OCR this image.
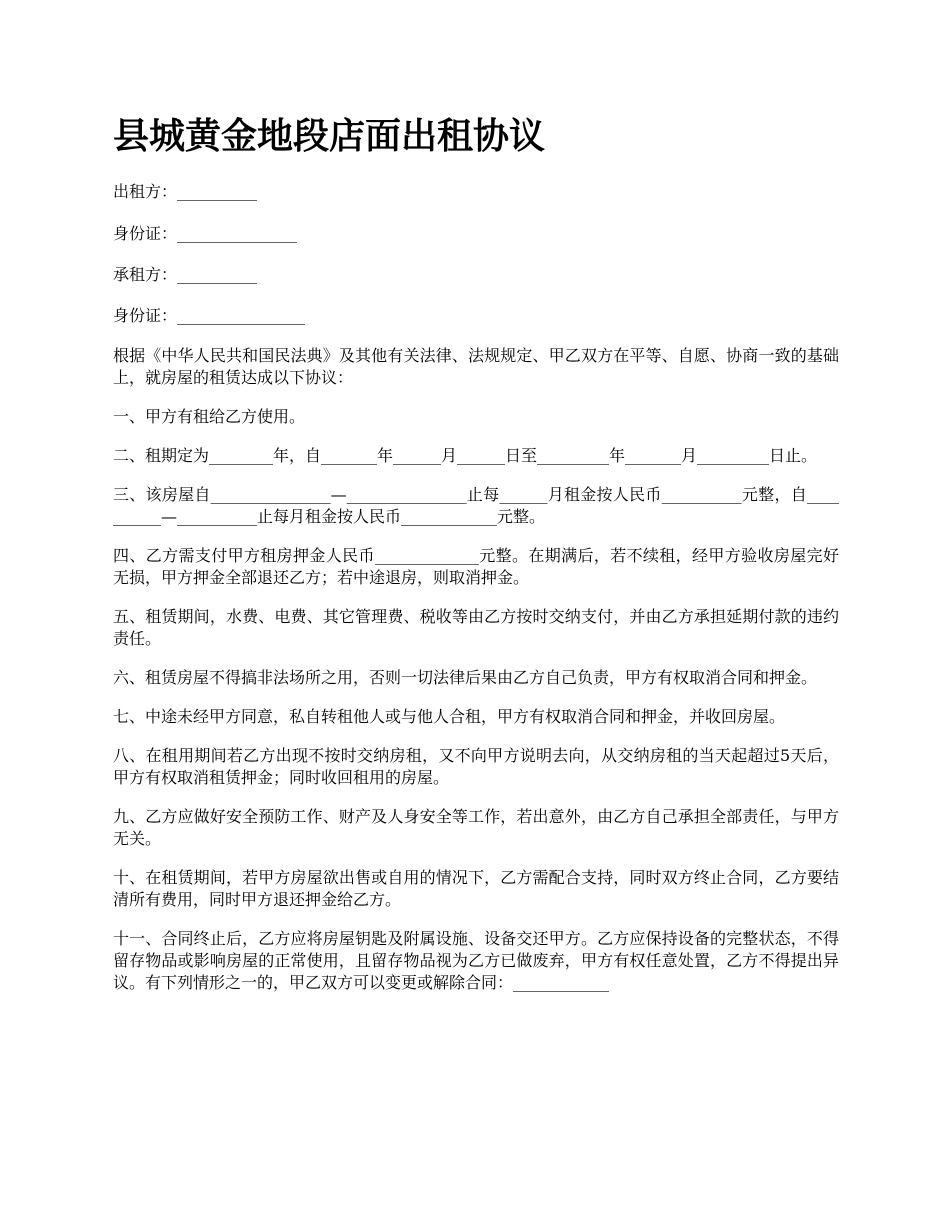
县城黄金地段店面出租协议

出租方：__________

身份证：_______________

承租方：__________

身份证：________________

根据《中华人民共和国民法典》及其他有关法律、法规规定、甲乙双方在平等、自愿、协商一致的基础上，就房屋的租赁达成以下协议：

一、甲方有租给乙方使用。

二、租期定为________年，自_______年______月______日至_________年_______月_________日止。

三、该房屋自_______________—_______________止每______月租金按人民币__________元整，自__________—__________止每月租金按人民币____________元整。

四、乙方需支付甲方租房押金人民币_____________元整。在期满后，若不续租，经甲方验收房屋完好无损，甲方押金全部退还乙方；若中途退房，则取消押金。

五、租赁期间，水费、电费、其它管理费、税收等由乙方按时交纳支付，并由乙方承担延期付款的违约责任。

六、租赁房屋不得搞非法场所之用，否则一切法律后果由乙方自己负责，甲方有权取消合同和押金。

七、中途未经甲方同意，私自转租他人或与他人合租，甲方有权取消合同和押金，并收回房屋。

八、在租用期间若乙方出现不按时交纳房租，又不向甲方说明去向，从交纳房租的当天起超过5天后，甲方有权取消租赁押金；同时收回租用的房屋。

九、乙方应做好安全预防工作、财产及人身安全等工作，若出意外，由乙方自己承担全部责任，与甲方无关。

十、在租赁期间，若甲方房屋欲出售或自用的情况下，乙方需配合支持，同时双方终止合同，乙方要结清所有费用，同时甲方退还押金给乙方。

十一、合同终止后，乙方应将房屋钥匙及附属设施、设备交还甲方。乙方应保持设备的完整状态，不得留存物品或影响房屋的正常使用，且留存物品视为乙方已做废弃，甲方有权任意处置，乙方不得提出异议。有下列情形之一的，甲乙双方可以变更或解除合同：____________
